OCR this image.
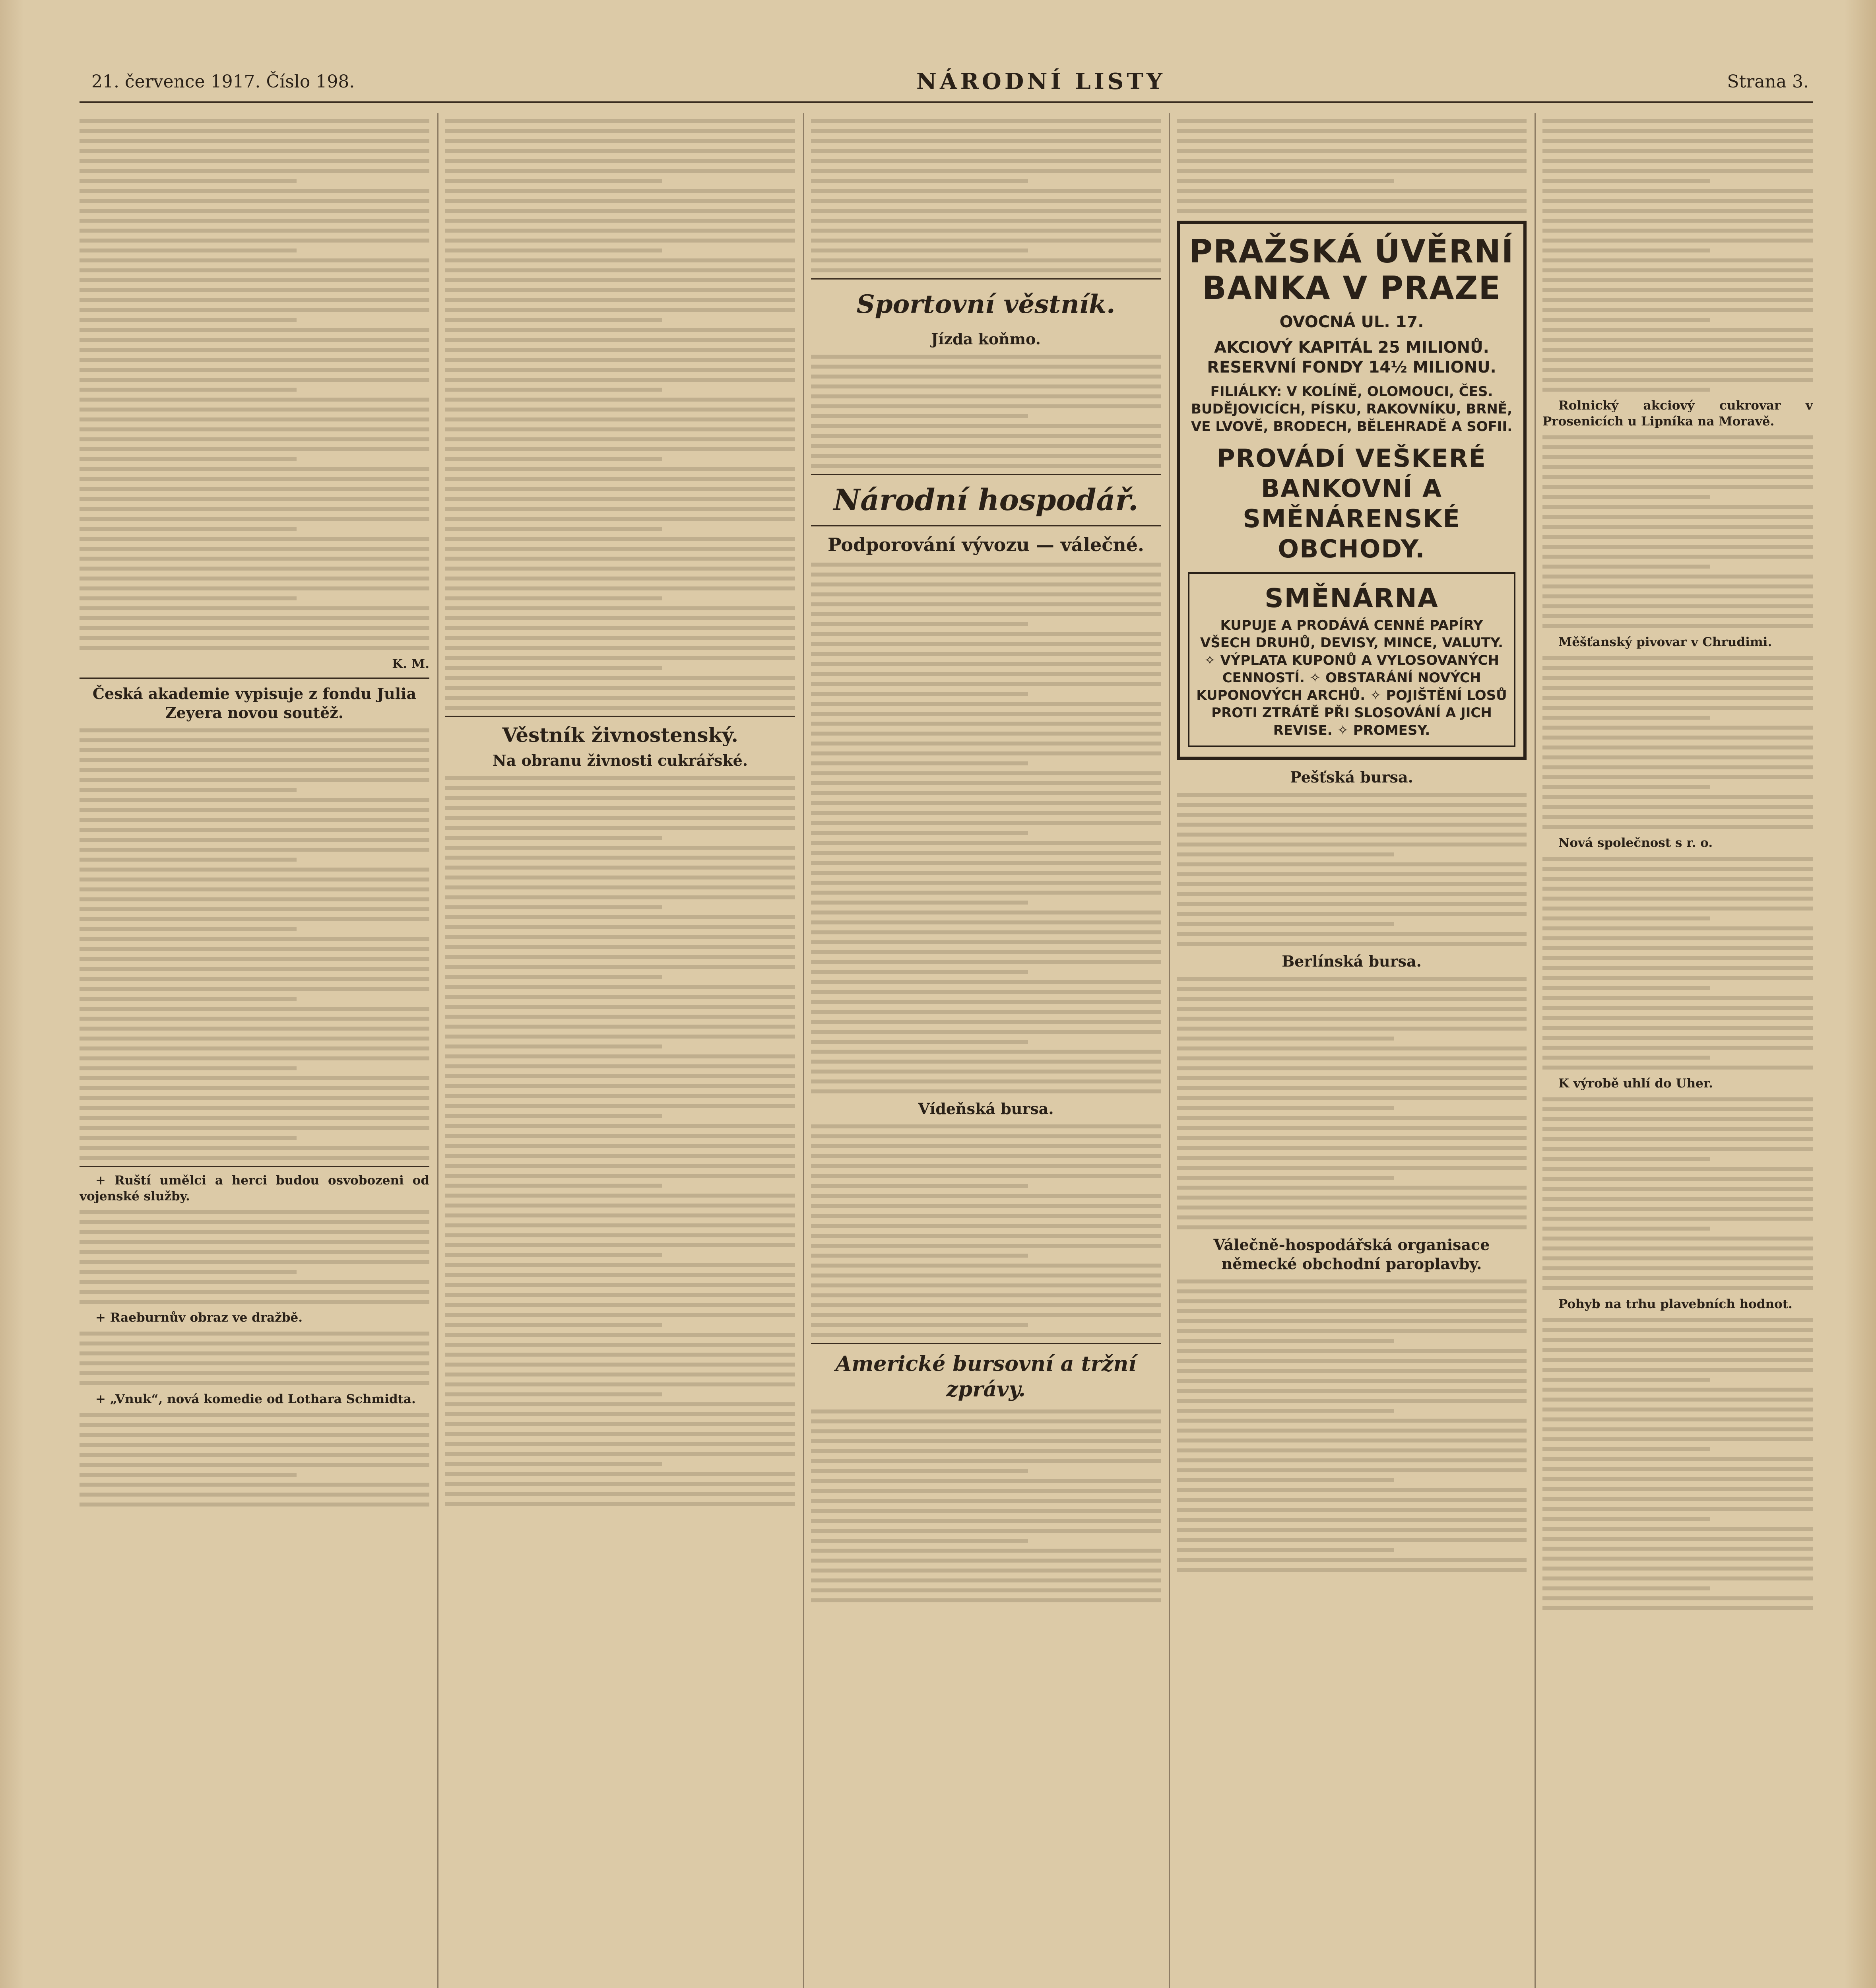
21. července 1917. Číslo 198.	NÁRODNÍ LISTY	Strana 3.
K. M.
Česká akademie vypisuje z fondu Julia Zeyera novou soutěž.

+ Ruští umělci a herci budou osvobozeni od vojenské služby.

+ Raeburnův obraz ve dražbě.

+ „Vnuk“, nová komedie od Lothara Schmidta.

Věstník živnostenský.
Na obranu živnosti cukrářské.
Sportovní věstník.
Jízda koňmo.
Národní hospodář.
Podporování vývozu — válečné.
Vídeňská bursa.
Americké bursovní a tržní zprávy.
PRAŽSKÁ ÚVĚRNÍ BANKA V PRAZE
OVOCNÁ UL. 17.
AKCIOVÝ KAPITÁL 25 MILIONŮ. RESERVNÍ FONDY 14½ MILIONU.
FILIÁLKY: V KOLÍNĚ, OLOMOUCI, ČES. BUDĚJOVICÍCH, PÍSKU, RAKOVNÍKU, BRNĚ, VE LVOVĚ, BRODECH, BĚLEHRADĚ A SOFII.
PROVÁDÍ VEŠKERÉ BANKOVNÍ A SMĚNÁRENSKÉ OBCHODY.
SMĚNÁRNA
KUPUJE A PRODÁVÁ CENNÉ PAPÍRY VŠECH DRUHŮ, DEVISY, MINCE, VALUTY. ✧ VÝPLATA KUPONŮ A VYLOSOVANÝCH CENNOSTÍ. ✧ OBSTARÁNÍ NOVÝCH KUPONOVÝCH ARCHŮ. ✧ POJIŠTĚNÍ LOSŮ PROTI ZTRÁTĚ PŘI SLOSOVÁNÍ A JICH REVISE. ✧ PROMESY.
Pešťská bursa.
Berlínská bursa.
Válečně-hospodářská organisace německé obchodní paroplavby.

Rolnický akciový cukrovar v Prosenicích u Lipníka na Moravě.

Měšťanský pivovar v Chrudimi.

Nová společnost s r. o.

K výrobě uhlí do Uher.

Pohyb na trhu plavebních hodnot.
